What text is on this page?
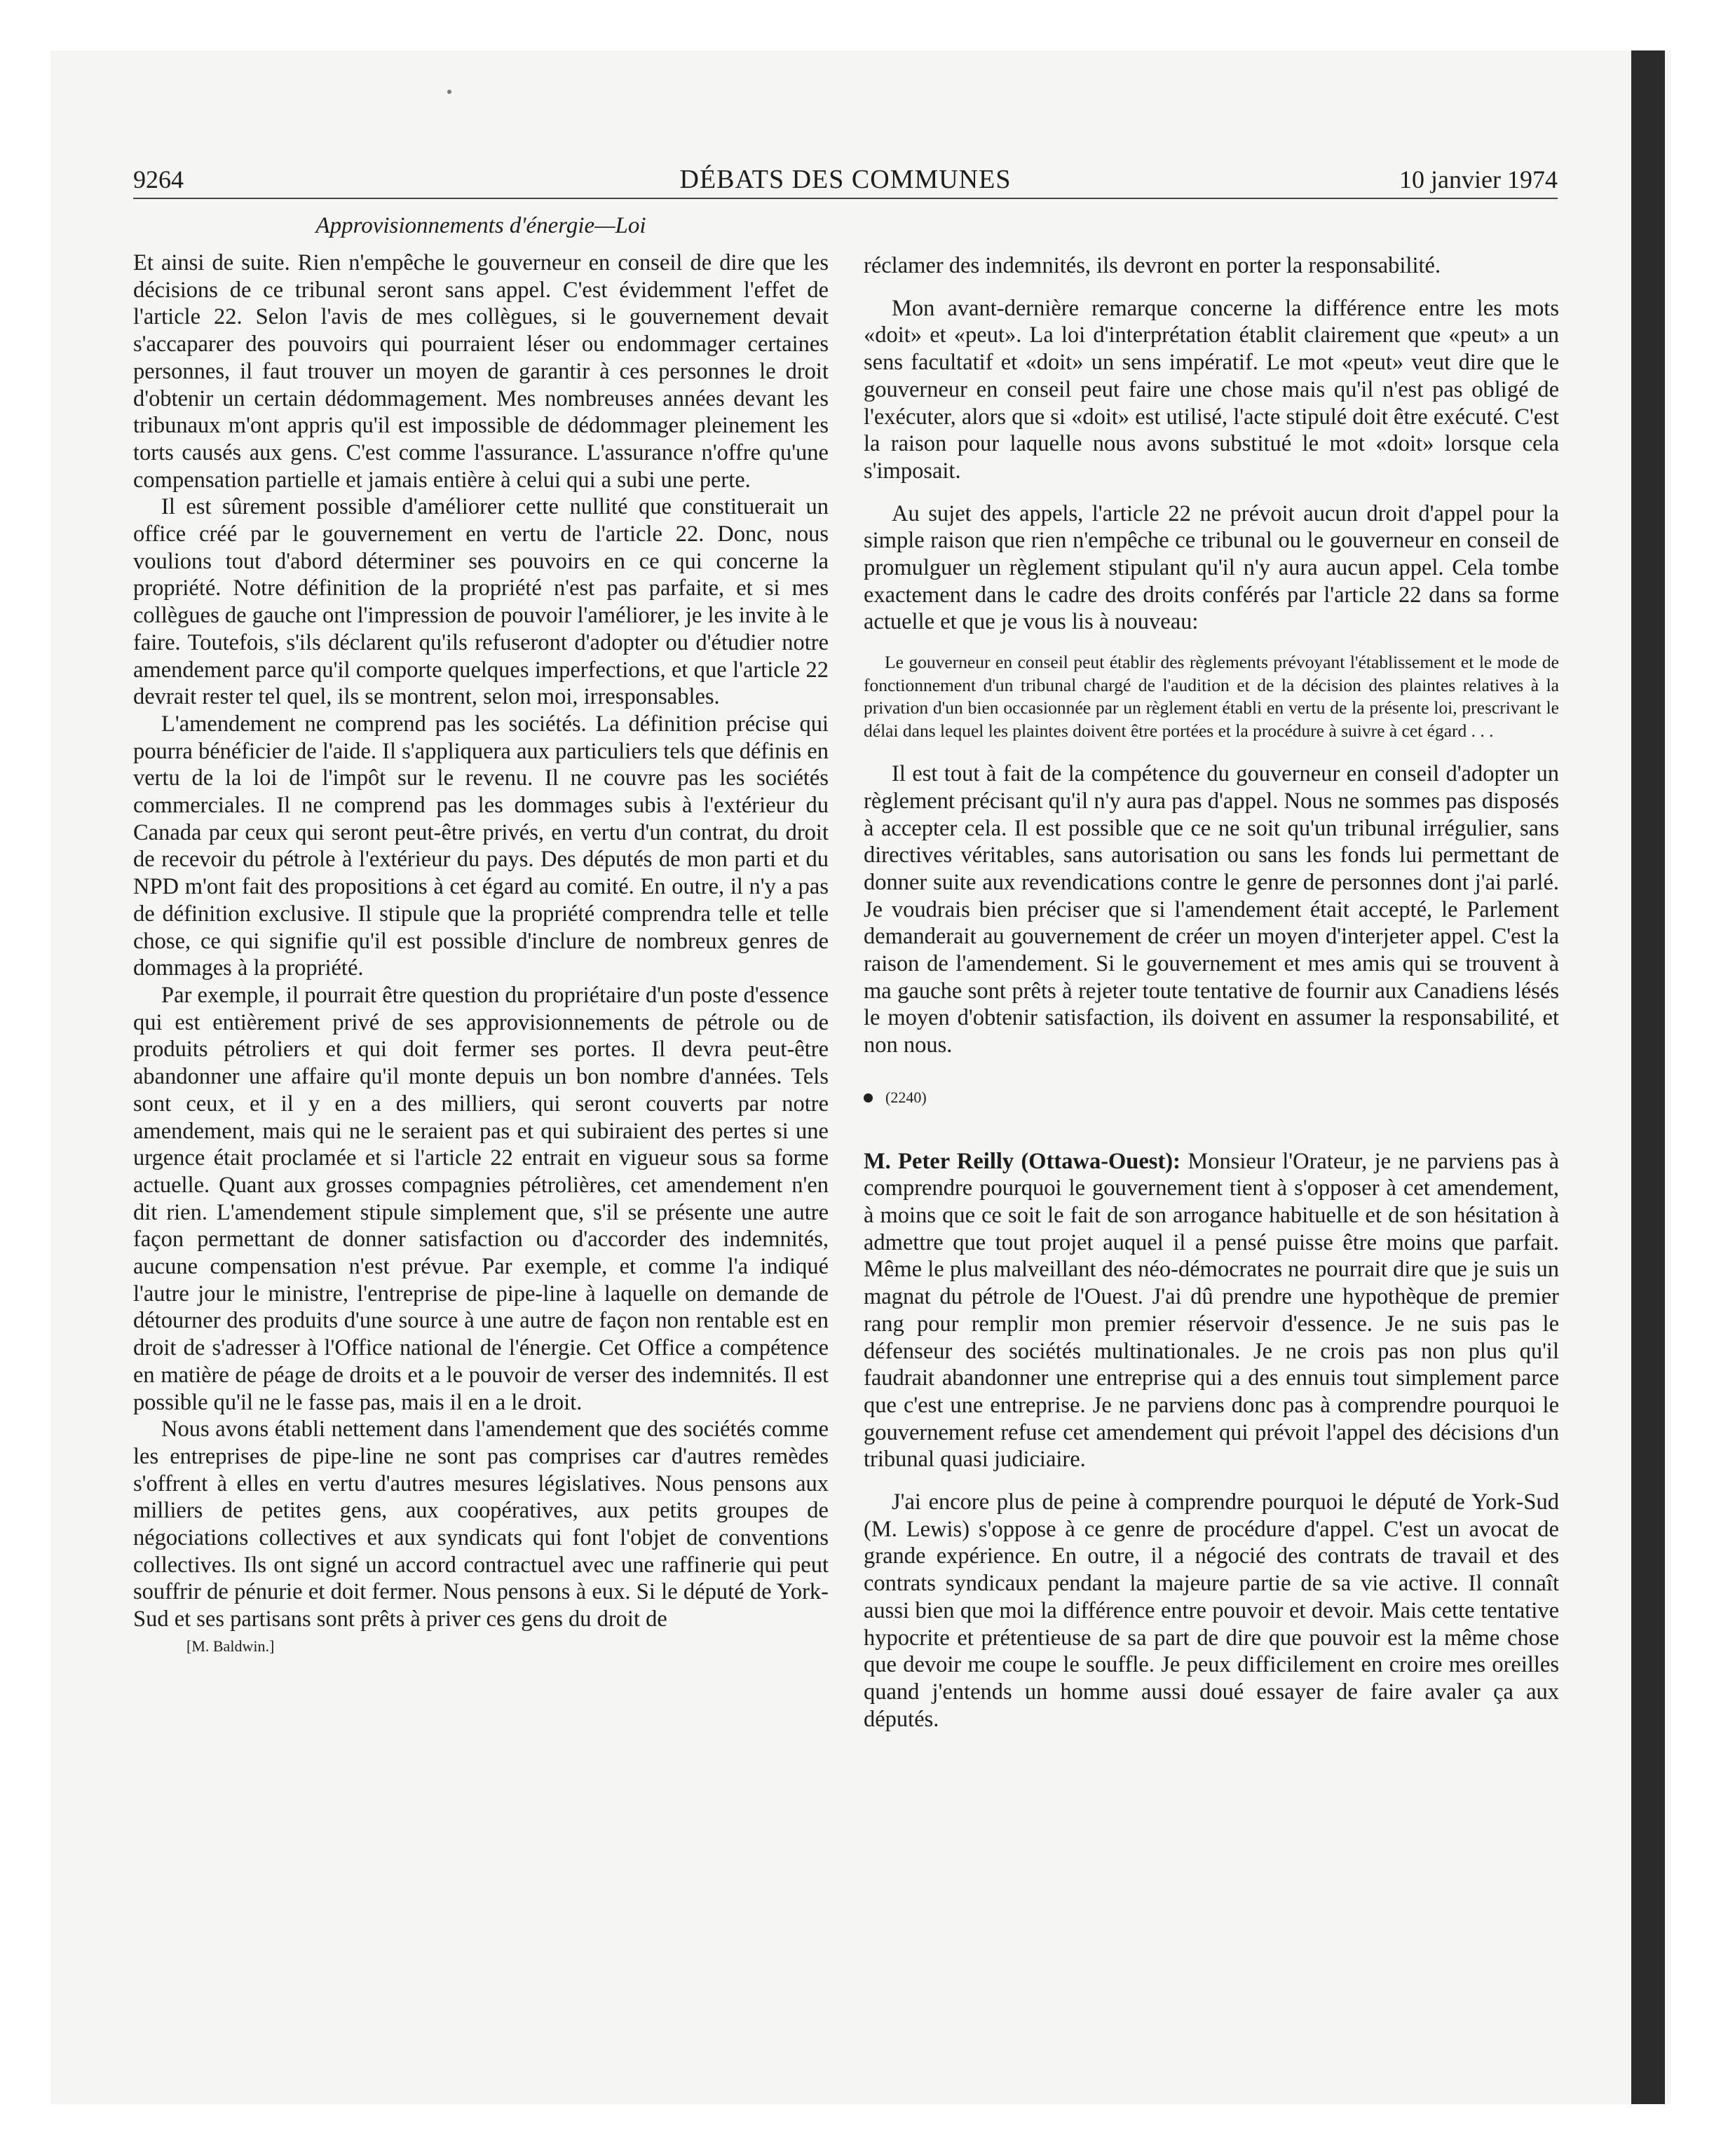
9264	DÉBATS DES COMMUNES	10 janvier 1974
Approvisionnements d'énergie—Loi

Et ainsi de suite. Rien n'empêche le gouverneur en conseil de dire que les décisions de ce tribunal seront sans appel. C'est évidemment l'effet de l'article 22. Selon l'avis de mes collègues, si le gouvernement devait s'accaparer des pouvoirs qui pourraient léser ou endommager certaines personnes, il faut trouver un moyen de garantir à ces personnes le droit d'obtenir un certain dédommagement. Mes nombreuses années devant les tribunaux m'ont appris qu'il est impossible de dédommager pleinement les torts causés aux gens. C'est comme l'assurance. L'assurance n'offre qu'une compensation partielle et jamais entière à celui qui a subi une perte.

Il est sûrement possible d'améliorer cette nullité que constituerait un office créé par le gouvernement en vertu de l'article 22. Donc, nous voulions tout d'abord déterminer ses pouvoirs en ce qui concerne la propriété. Notre définition de la propriété n'est pas parfaite, et si mes collègues de gauche ont l'impression de pouvoir l'améliorer, je les invite à le faire. Toutefois, s'ils déclarent qu'ils refuseront d'adopter ou d'étudier notre amendement parce qu'il comporte quelques imperfections, et que l'article 22 devrait rester tel quel, ils se montrent, selon moi, irresponsables.

L'amendement ne comprend pas les sociétés. La définition précise qui pourra bénéficier de l'aide. Il s'appliquera aux particuliers tels que définis en vertu de la loi de l'impôt sur le revenu. Il ne couvre pas les sociétés commerciales. Il ne comprend pas les dommages subis à l'extérieur du Canada par ceux qui seront peut-être privés, en vertu d'un contrat, du droit de recevoir du pétrole à l'extérieur du pays. Des députés de mon parti et du NPD m'ont fait des propositions à cet égard au comité. En outre, il n'y a pas de définition exclusive. Il stipule que la propriété comprendra telle et telle chose, ce qui signifie qu'il est possible d'inclure de nombreux genres de dommages à la propriété.

Par exemple, il pourrait être question du propriétaire d'un poste d'essence qui est entièrement privé de ses approvisionnements de pétrole ou de produits pétroliers et qui doit fermer ses portes. Il devra peut-être abandonner une affaire qu'il monte depuis un bon nombre d'années. Tels sont ceux, et il y en a des milliers, qui seront couverts par notre amendement, mais qui ne le seraient pas et qui subiraient des pertes si une urgence était proclamée et si l'article 22 entrait en vigueur sous sa forme actuelle. Quant aux grosses compagnies pétrolières, cet amendement n'en dit rien. L'amendement stipule simplement que, s'il se présente une autre façon permettant de donner satisfaction ou d'accorder des indemnités, aucune compensation n'est prévue. Par exemple, et comme l'a indiqué l'autre jour le ministre, l'entreprise de pipe-line à laquelle on demande de détourner des produits d'une source à une autre de façon non rentable est en droit de s'adresser à l'Office national de l'énergie. Cet Office a compétence en matière de péage de droits et a le pouvoir de verser des indemnités. Il est possible qu'il ne le fasse pas, mais il en a le droit.

Nous avons établi nettement dans l'amendement que des sociétés comme les entreprises de pipe-line ne sont pas comprises car d'autres remèdes s'offrent à elles en vertu d'autres mesures législatives. Nous pensons aux milliers de petites gens, aux coopératives, aux petits groupes de négociations collectives et aux syndicats qui font l'objet de conventions collectives. Ils ont signé un accord contractuel avec une raffinerie qui peut souffrir de pénurie et doit fermer. Nous pensons à eux. Si le député de York-Sud et ses partisans sont prêts à priver ces gens du droit de

[M. Baldwin.]

réclamer des indemnités, ils devront en porter la responsabilité.

Mon avant-dernière remarque concerne la différence entre les mots «doit» et «peut». La loi d'interprétation établit clairement que «peut» a un sens facultatif et «doit» un sens impératif. Le mot «peut» veut dire que le gouverneur en conseil peut faire une chose mais qu'il n'est pas obligé de l'exécuter, alors que si «doit» est utilisé, l'acte stipulé doit être exécuté. C'est la raison pour laquelle nous avons substitué le mot «doit» lorsque cela s'imposait.

Au sujet des appels, l'article 22 ne prévoit aucun droit d'appel pour la simple raison que rien n'empêche ce tribunal ou le gouverneur en conseil de promulguer un règlement stipulant qu'il n'y aura aucun appel. Cela tombe exactement dans le cadre des droits conférés par l'article 22 dans sa forme actuelle et que je vous lis à nouveau:

Le gouverneur en conseil peut établir des règlements prévoyant l'établissement et le mode de fonctionnement d'un tribunal chargé de l'audition et de la décision des plaintes relatives à la privation d'un bien occasionnée par un règlement établi en vertu de la présente loi, prescrivant le délai dans lequel les plaintes doivent être portées et la procédure à suivre à cet égard . . .

Il est tout à fait de la compétence du gouverneur en conseil d'adopter un règlement précisant qu'il n'y aura pas d'appel. Nous ne sommes pas disposés à accepter cela. Il est possible que ce ne soit qu'un tribunal irrégulier, sans directives véritables, sans autorisation ou sans les fonds lui permettant de donner suite aux revendications contre le genre de personnes dont j'ai parlé. Je voudrais bien préciser que si l'amendement était accepté, le Parlement demanderait au gouvernement de créer un moyen d'interjeter appel. C'est la raison de l'amendement. Si le gouvernement et mes amis qui se trouvent à ma gauche sont prêts à rejeter toute tentative de fournir aux Canadiens lésés le moyen d'obtenir satisfaction, ils doivent en assumer la responsabilité, et non nous.

(2240)

M. Peter Reilly (Ottawa-Ouest): Monsieur l'Orateur, je ne parviens pas à comprendre pourquoi le gouvernement tient à s'opposer à cet amendement, à moins que ce soit le fait de son arrogance habituelle et de son hésitation à admettre que tout projet auquel il a pensé puisse être moins que parfait. Même le plus malveillant des néo-démocrates ne pourrait dire que je suis un magnat du pétrole de l'Ouest. J'ai dû prendre une hypothèque de premier rang pour remplir mon premier réservoir d'essence. Je ne suis pas le défenseur des sociétés multinationales. Je ne crois pas non plus qu'il faudrait abandonner une entreprise qui a des ennuis tout simplement parce que c'est une entreprise. Je ne parviens donc pas à comprendre pourquoi le gouvernement refuse cet amendement qui prévoit l'appel des décisions d'un tribunal quasi judiciaire.

J'ai encore plus de peine à comprendre pourquoi le député de York-Sud (M. Lewis) s'oppose à ce genre de procédure d'appel. C'est un avocat de grande expérience. En outre, il a négocié des contrats de travail et des contrats syndicaux pendant la majeure partie de sa vie active. Il connaît aussi bien que moi la différence entre pouvoir et devoir. Mais cette tentative hypocrite et prétentieuse de sa part de dire que pouvoir est la même chose que devoir me coupe le souffle. Je peux difficilement en croire mes oreilles quand j'entends un homme aussi doué essayer de faire avaler ça aux députés.
